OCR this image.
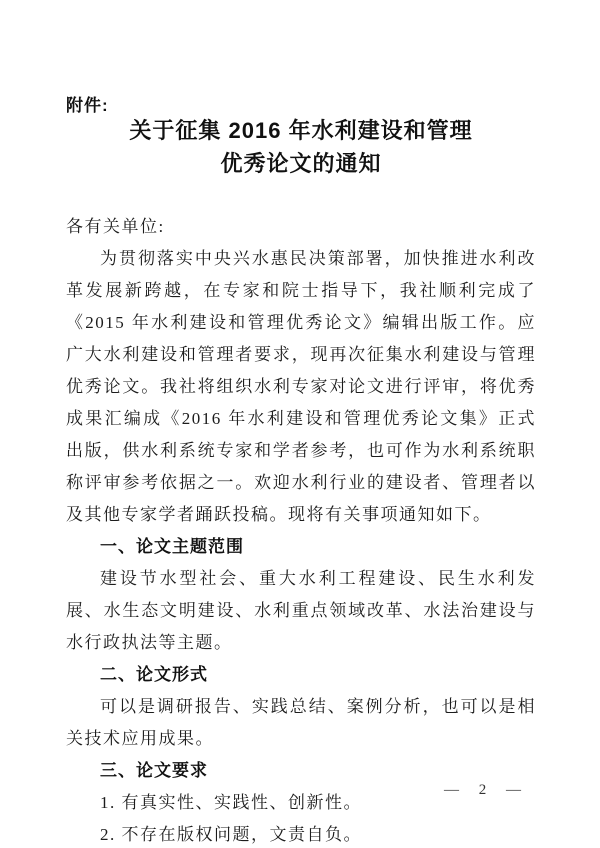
附件:
关于征集 2016 年水利建设和管理
优秀论文的通知

各有关单位:

为贯彻落实中央兴水惠民决策部署，加快推进水利改革发展新跨越，在专家和院士指导下，我社顺利完成了《2015 年水利建设和管理优秀论文》编辑出版工作。应广大水利建设和管理者要求，现再次征集水利建设与管理优秀论文。我社将组织水利专家对论文进行评审，将优秀成果汇编成《2016 年水利建设和管理优秀论文集》正式出版，供水利系统专家和学者参考，也可作为水利系统职称评审参考依据之一。欢迎水利行业的建设者、管理者以及其他专家学者踊跃投稿。现将有关事项通知如下。

一、论文主题范围

建设节水型社会、重大水利工程建设、民生水利发展、水生态文明建设、水利重点领域改革、水法治建设与水行政执法等主题。

二、论文形式

可以是调研报告、实践总结、案例分析，也可以是相关技术应用成果。

三、论文要求

1. 有真实性、实践性、创新性。

2. 不存在版权问题，文责自负。

— 2 —
